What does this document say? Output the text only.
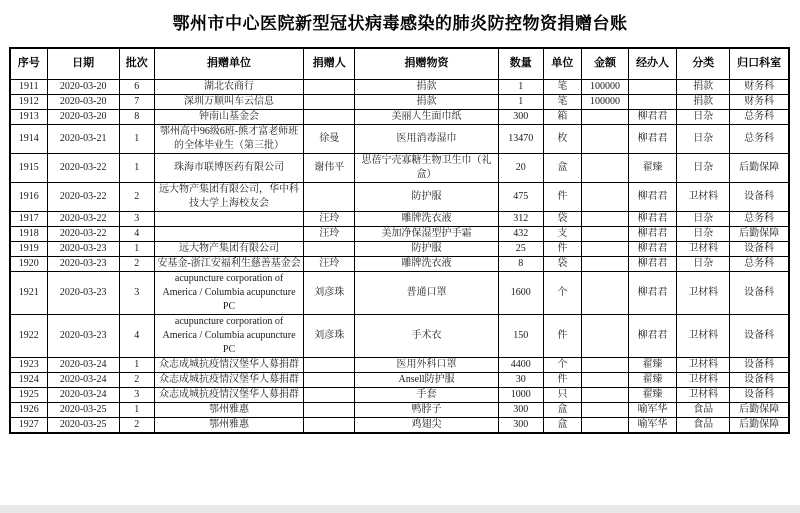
鄂州市中心医院新型冠状病毒感染的肺炎防控物资捐赠台账
序号	日期	批次	捐赠单位	捐赠人	捐赠物资	数量	单位	金额	经办人	分类	归口科室
1911	2020-03-20	6	湖北农商行		捐款	1	笔	100000		捐款	财务科
1912	2020-03-20	7	深圳万顺叫车云信息		捐款	1	笔	100000		捐款	财务科
1913	2020-03-20	8	钟南山基金会		美丽人生面巾纸	300	箱		柳君君	日杂	总务科
1914	2020-03-21	1	鄂州高中96级6班-熊才富老师班的全体毕业生（第三批）	徐曼	医用消毒湿巾	13470	枚		柳君君	日杂	总务科
1915	2020-03-22	1	珠海市联博医药有限公司	谢伟平	思蓓宁壳寡糖生物卫生巾（礼盒）	20	盒		翟臻	日杂	后勤保障
1916	2020-03-22	2	远大物产集团有限公司，华中科技大学上海校友会		防护服	475	件		柳君君	卫材料	设备科
1917	2020-03-22	3		汪玲	雕牌洗衣液	312	袋		柳君君	日杂	总务科
1918	2020-03-22	4		汪玲	美加净保湿型护手霜	432	支		柳君君	日杂	后勤保障
1919	2020-03-23	1	远大物产集团有限公司		防护服	25	件		柳君君	卫材料	设备科
1920	2020-03-23	2	安基金-浙江安福利生慈善基金会	汪玲	雕牌洗衣液	8	袋		柳君君	日杂	总务科
1921	2020-03-23	3	acupuncture corporation of America / Columbia acupuncture PC	刘彦珠	普通口罩	1600	个		柳君君	卫材料	设备科
1922	2020-03-23	4	acupuncture corporation of America / Columbia acupuncture PC	刘彦珠	手术衣	150	件		柳君君	卫材料	设备科
1923	2020-03-24	1	众志成城抗疫情汉堡华人募捐群		医用外科口罩	4400	个		翟臻	卫材料	设备科
1924	2020-03-24	2	众志成城抗疫情汉堡华人募捐群		Ansell防护服	30	件		翟臻	卫材料	设备科
1925	2020-03-24	3	众志成城抗疫情汉堡华人募捐群		手套	1000	只		翟臻	卫材料	设备科
1926	2020-03-25	1	鄂州雅惠		鸭脖子	300	盒		喻军华	食品	后勤保障
1927	2020-03-25	2	鄂州雅惠		鸡翅尖	300	盒		喻军华	食品	后勤保障
